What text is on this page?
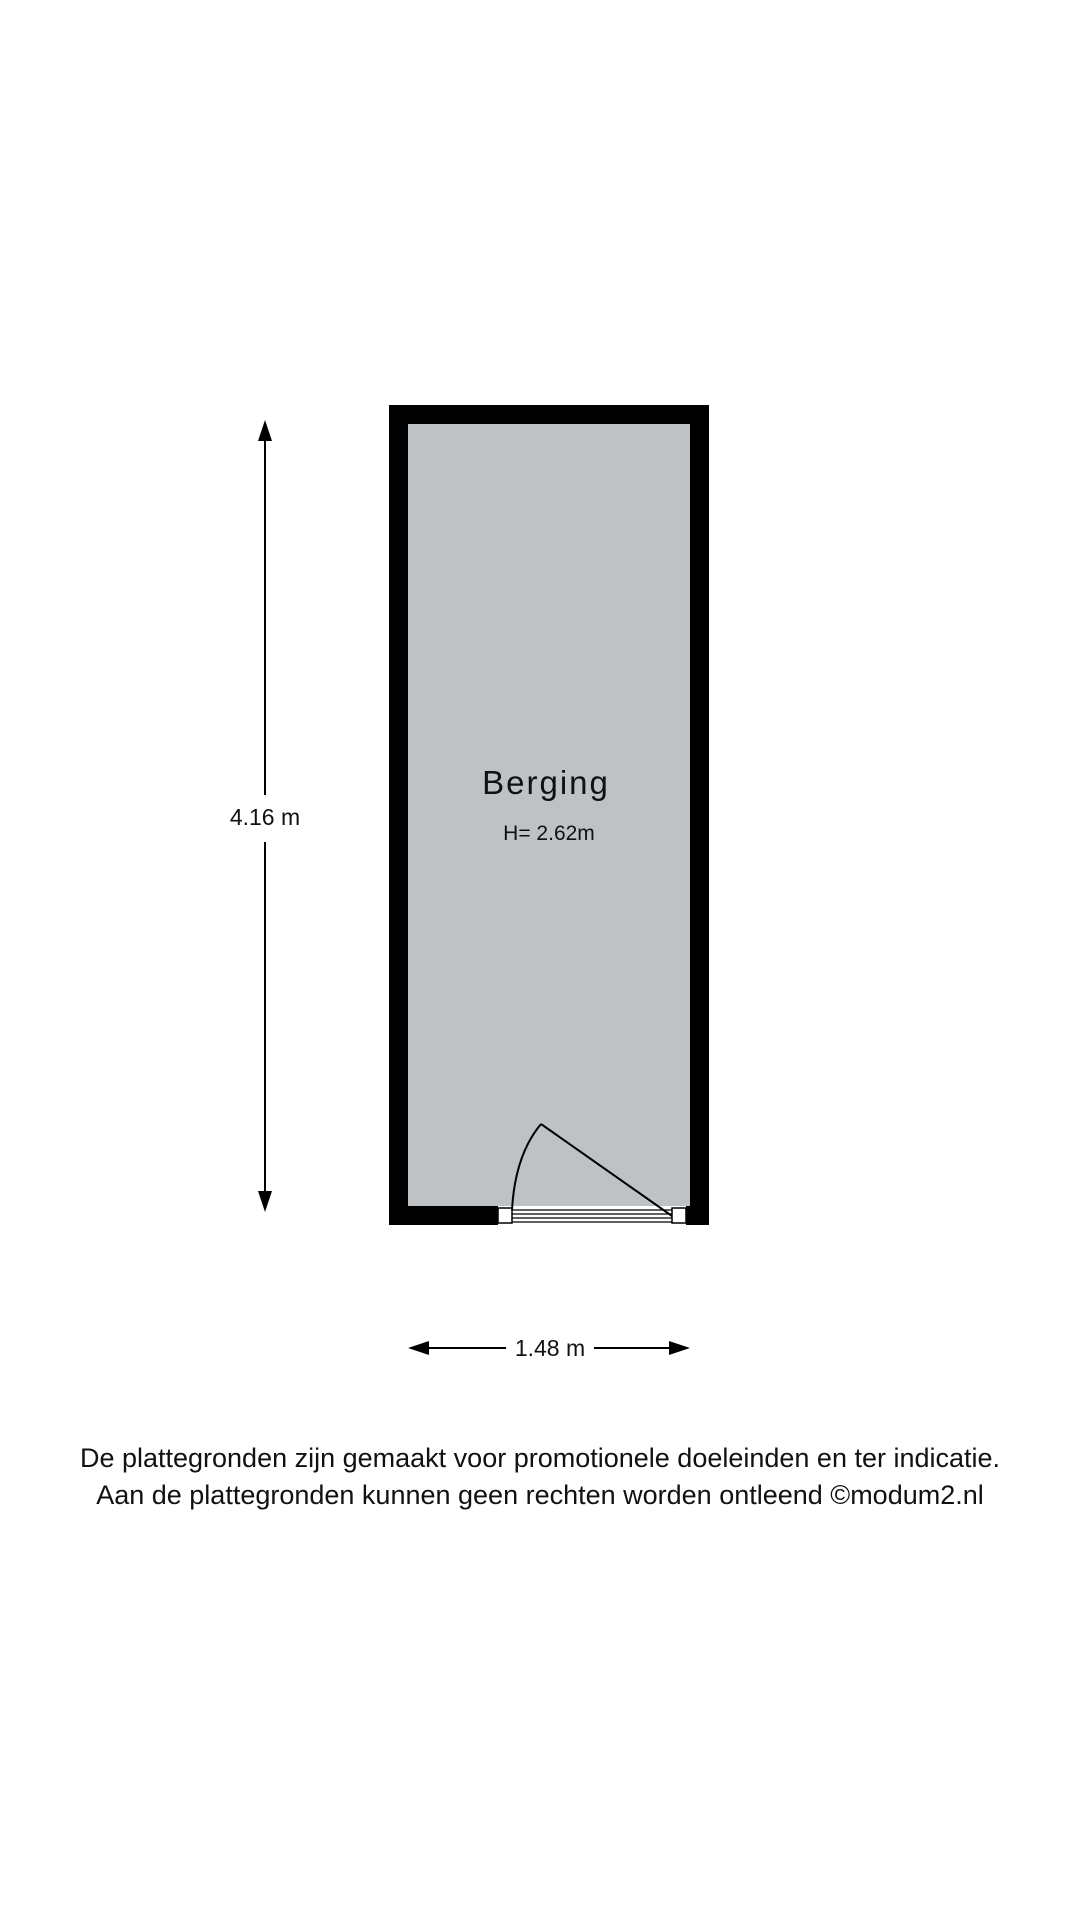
Berging
H= 2.62m
4.16 m
1.48 m
De plattegronden zijn gemaakt voor promotionele doeleinden en ter indicatie.
Aan de plattegronden kunnen geen rechten worden ontleend ©modum2.nl
